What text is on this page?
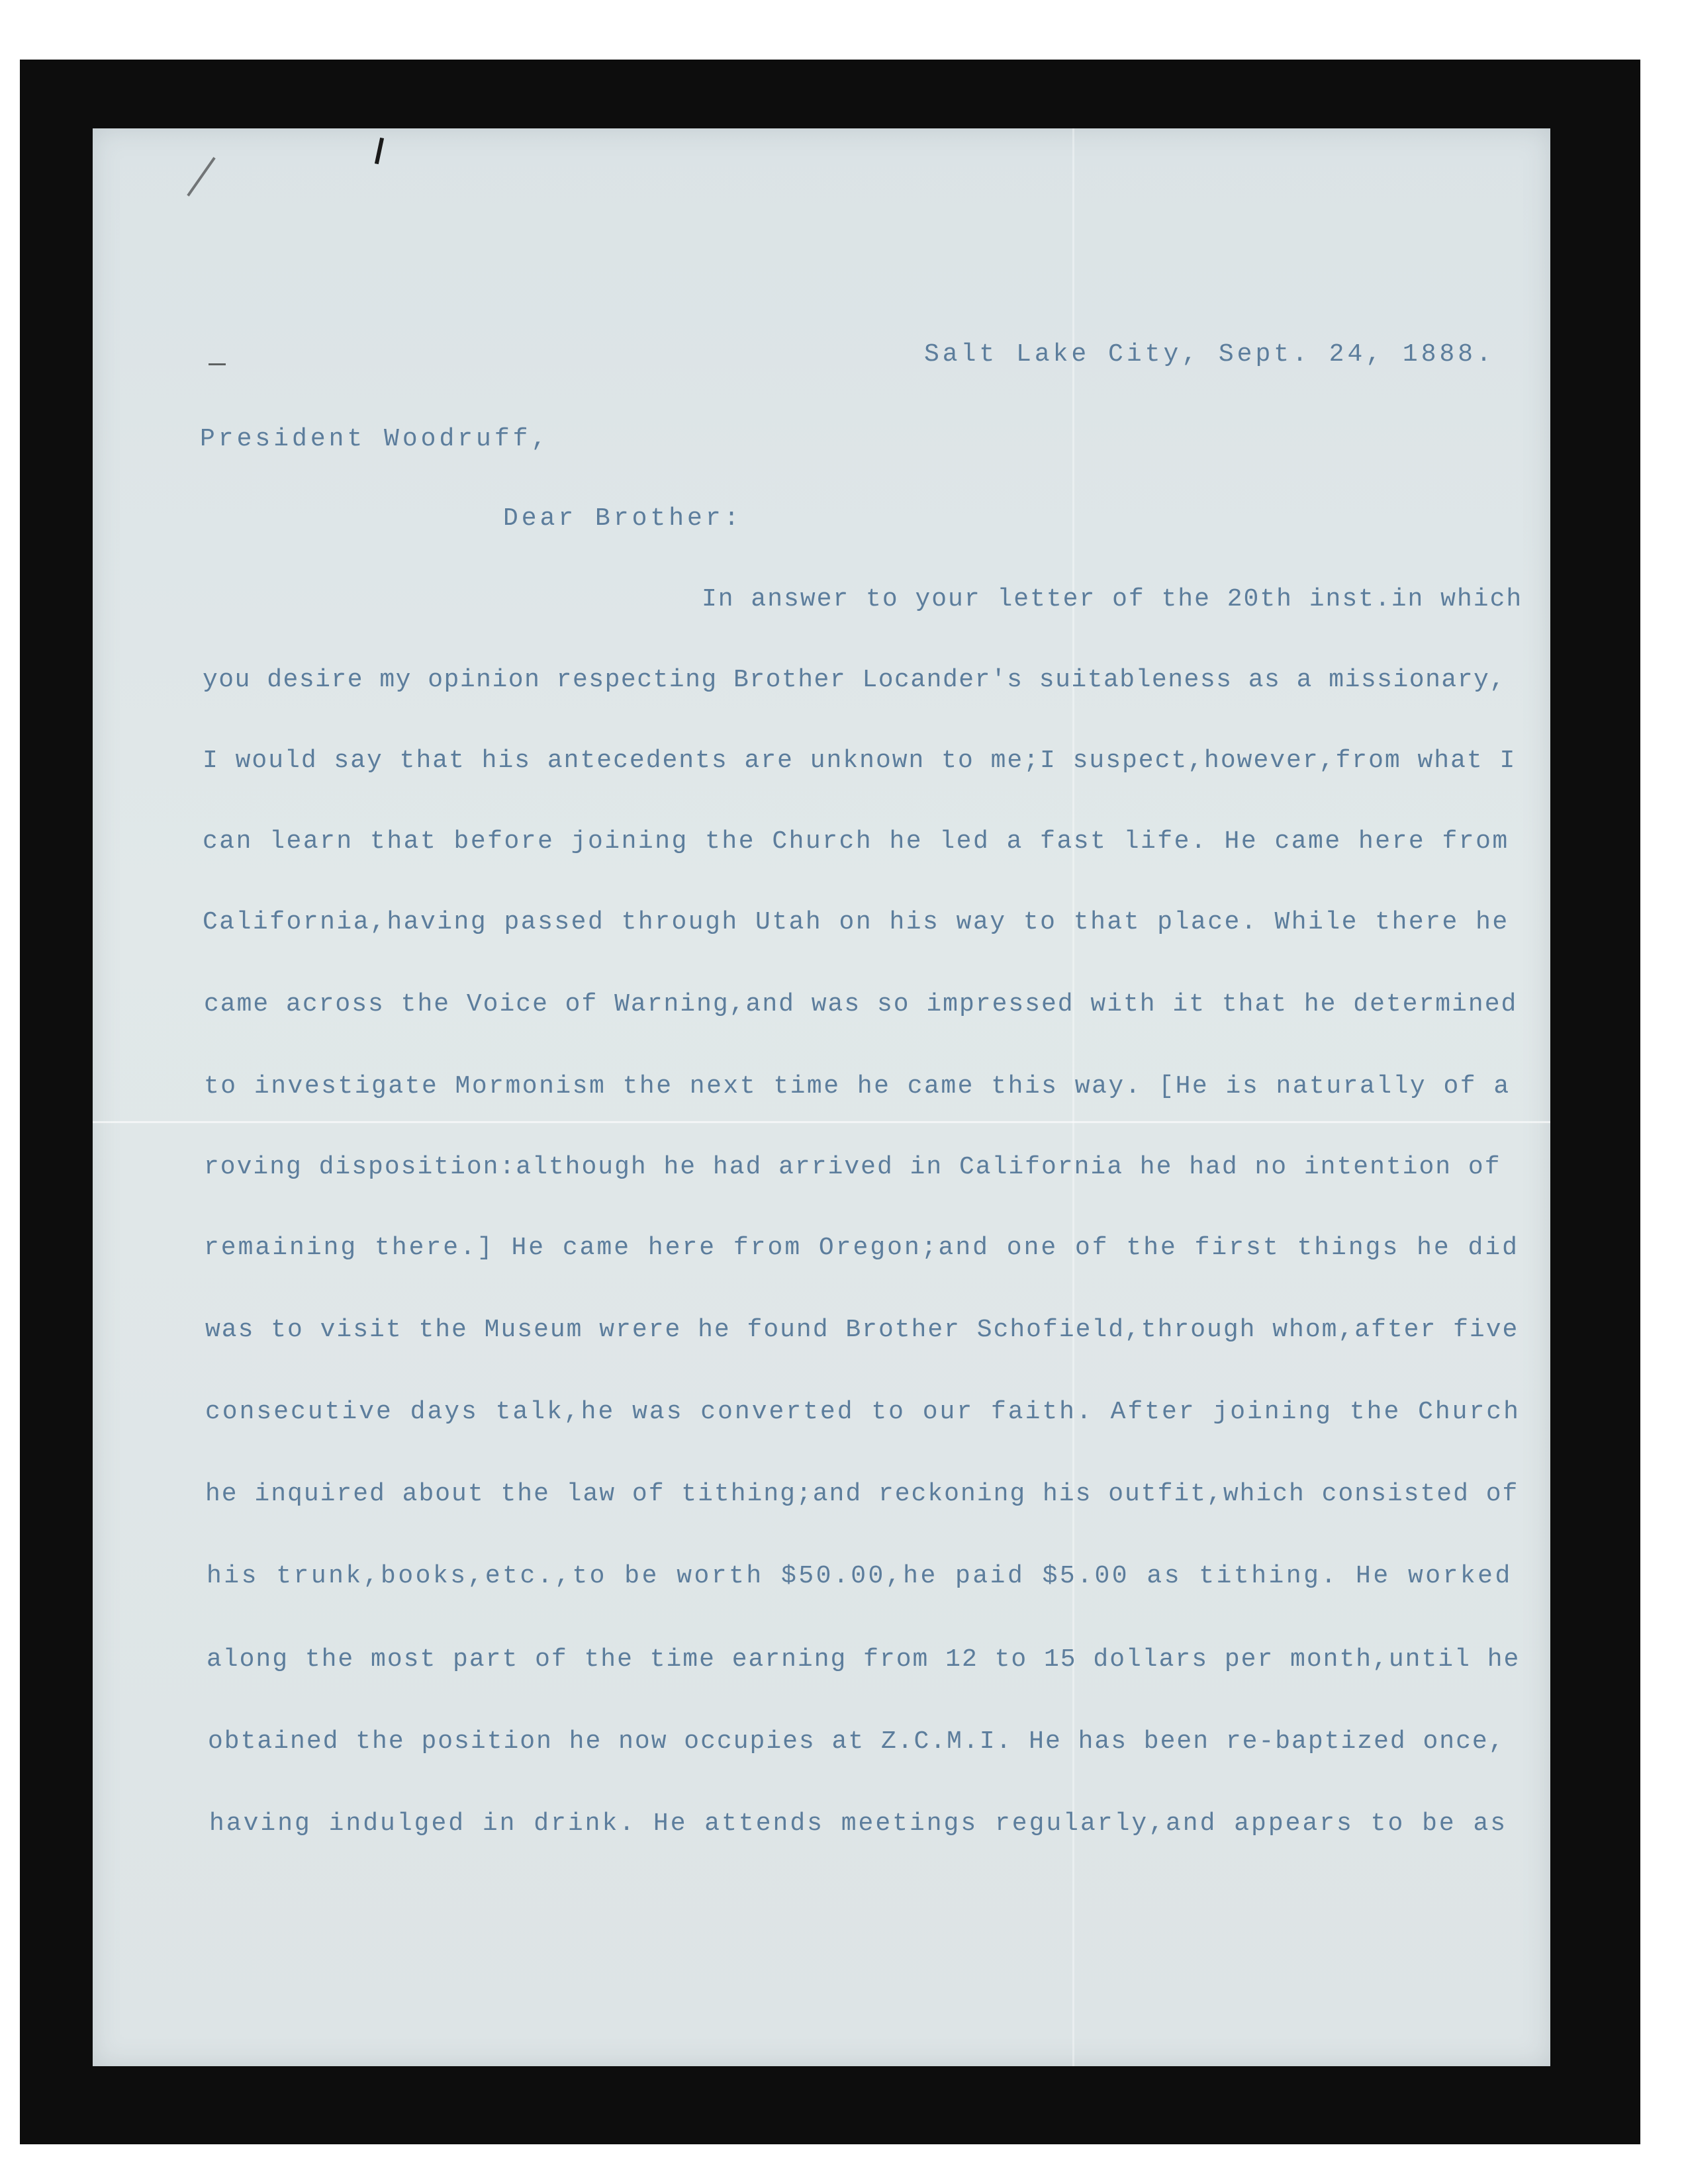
Salt Lake City, Sept. 24, 1888.
President Woodruff,
Dear Brother:
In answer to your letter of the 20th inst.in which
you desire my opinion respecting Brother Locander's suitableness as a missionary,
I would say that his antecedents are unknown to me;I suspect,however,from what I
can learn that before joining the Church he led a fast life. He came here from
California,having passed through Utah on his way to that place. While there he
came across the Voice of Warning,and was so impressed with it that he determined
to investigate Mormonism the next time he came this way. [He is naturally of a
roving disposition:although he had arrived in California he had no intention of
remaining there.] He came here from Oregon;and one of the first things he did
was to visit the Museum wrere he found Brother Schofield,through whom,after five
consecutive days talk,he was converted to our faith. After joining the Church
he inquired about the law of tithing;and reckoning his outfit,which consisted of
his trunk,books,etc.,to be worth $50.00,he paid $5.00 as tithing. He worked
along the most part of the time earning from 12 to 15 dollars per month,until he
obtained the position he now occupies at Z.C.M.I. He has been re-baptized once,
having indulged in drink. He attends meetings regularly,and appears to be as
